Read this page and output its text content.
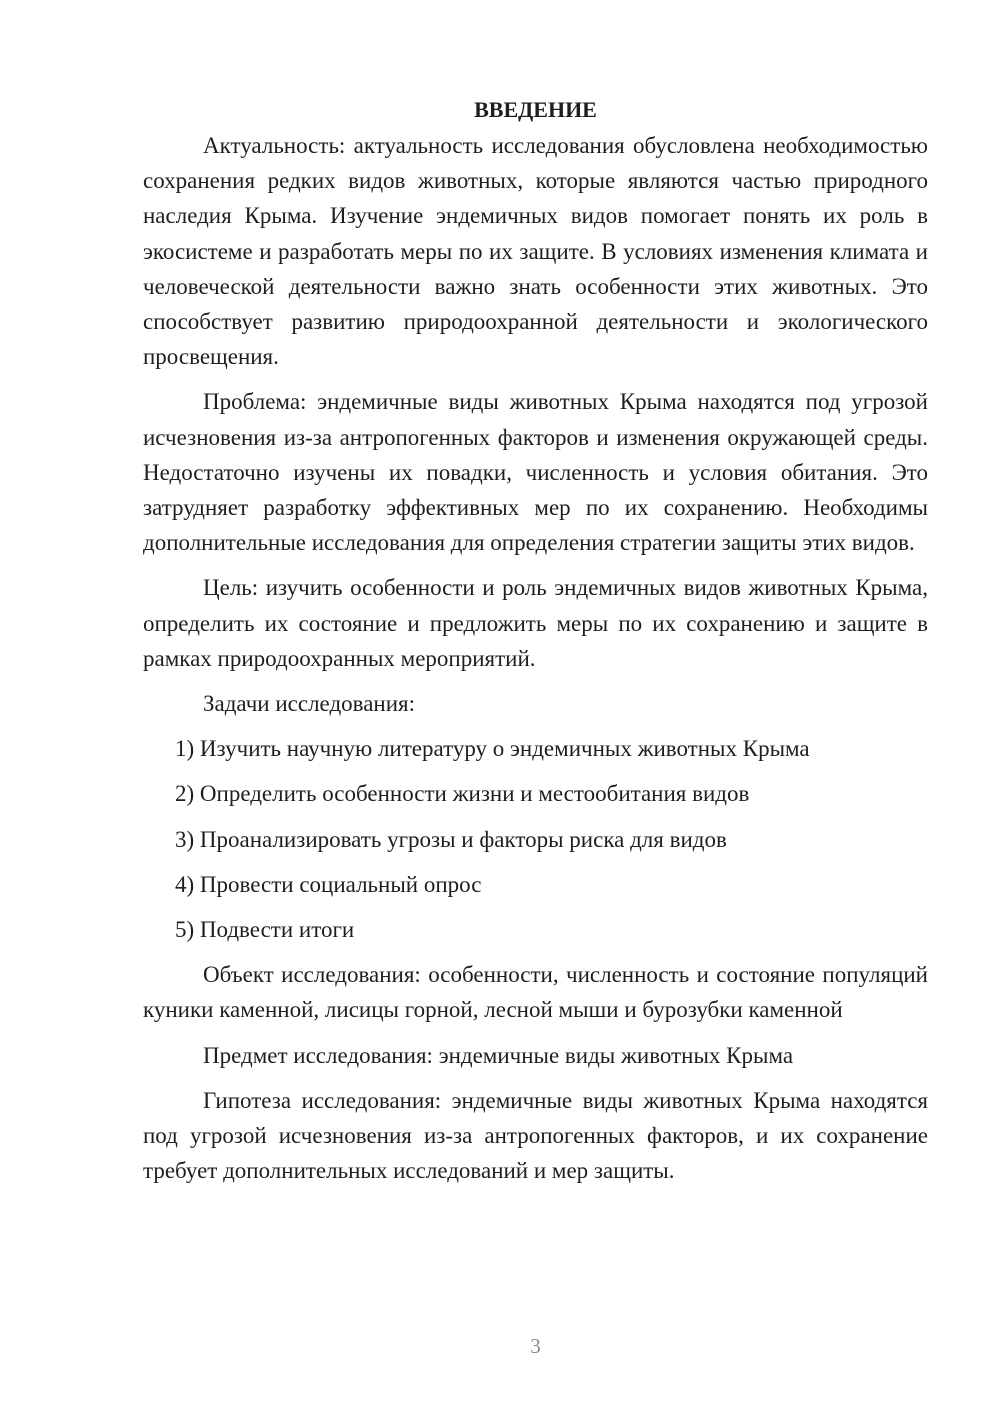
ВВЕДЕНИЕ

Актуальность: актуальность исследования обусловлена необходимостью сохранения редких видов животных, которые являются частью природного наследия Крыма. Изучение эндемичных видов помогает понять их роль в экосистеме и разработать меры по их защите. В условиях изменения климата и человеческой деятельности важно знать особенности этих животных. Это способствует развитию природоохранной деятельности и экологического просвещения.

Проблема: эндемичные виды животных Крыма находятся под угрозой исчезновения из-за антропогенных факторов и изменения окружающей среды. Недостаточно изучены их повадки, численность и условия обитания. Это затрудняет разработку эффективных мер по их сохранению. Необходимы дополнительные исследования для определения стратегии защиты этих видов.

Цель: изучить особенности и роль эндемичных видов животных Крыма, определить их состояние и предложить меры по их сохранению и защите в рамках природоохранных мероприятий.

Задачи исследования:

1) Изучить научную литературу о эндемичных животных Крыма
2) Определить особенности жизни и местообитания видов
3) Проанализировать угрозы и факторы риска для видов
4) Провести социальный опрос
5) Подвести итоги

Объект исследования: особенности, численность и состояние популяций куники каменной, лисицы горной, лесной мыши и бурозубки каменной

Предмет исследования: эндемичные виды животных Крыма

Гипотеза исследования: эндемичные виды животных Крыма находятся под угрозой исчезновения из-за антропогенных факторов, и их сохранение требует дополнительных исследований и мер защиты.

3
